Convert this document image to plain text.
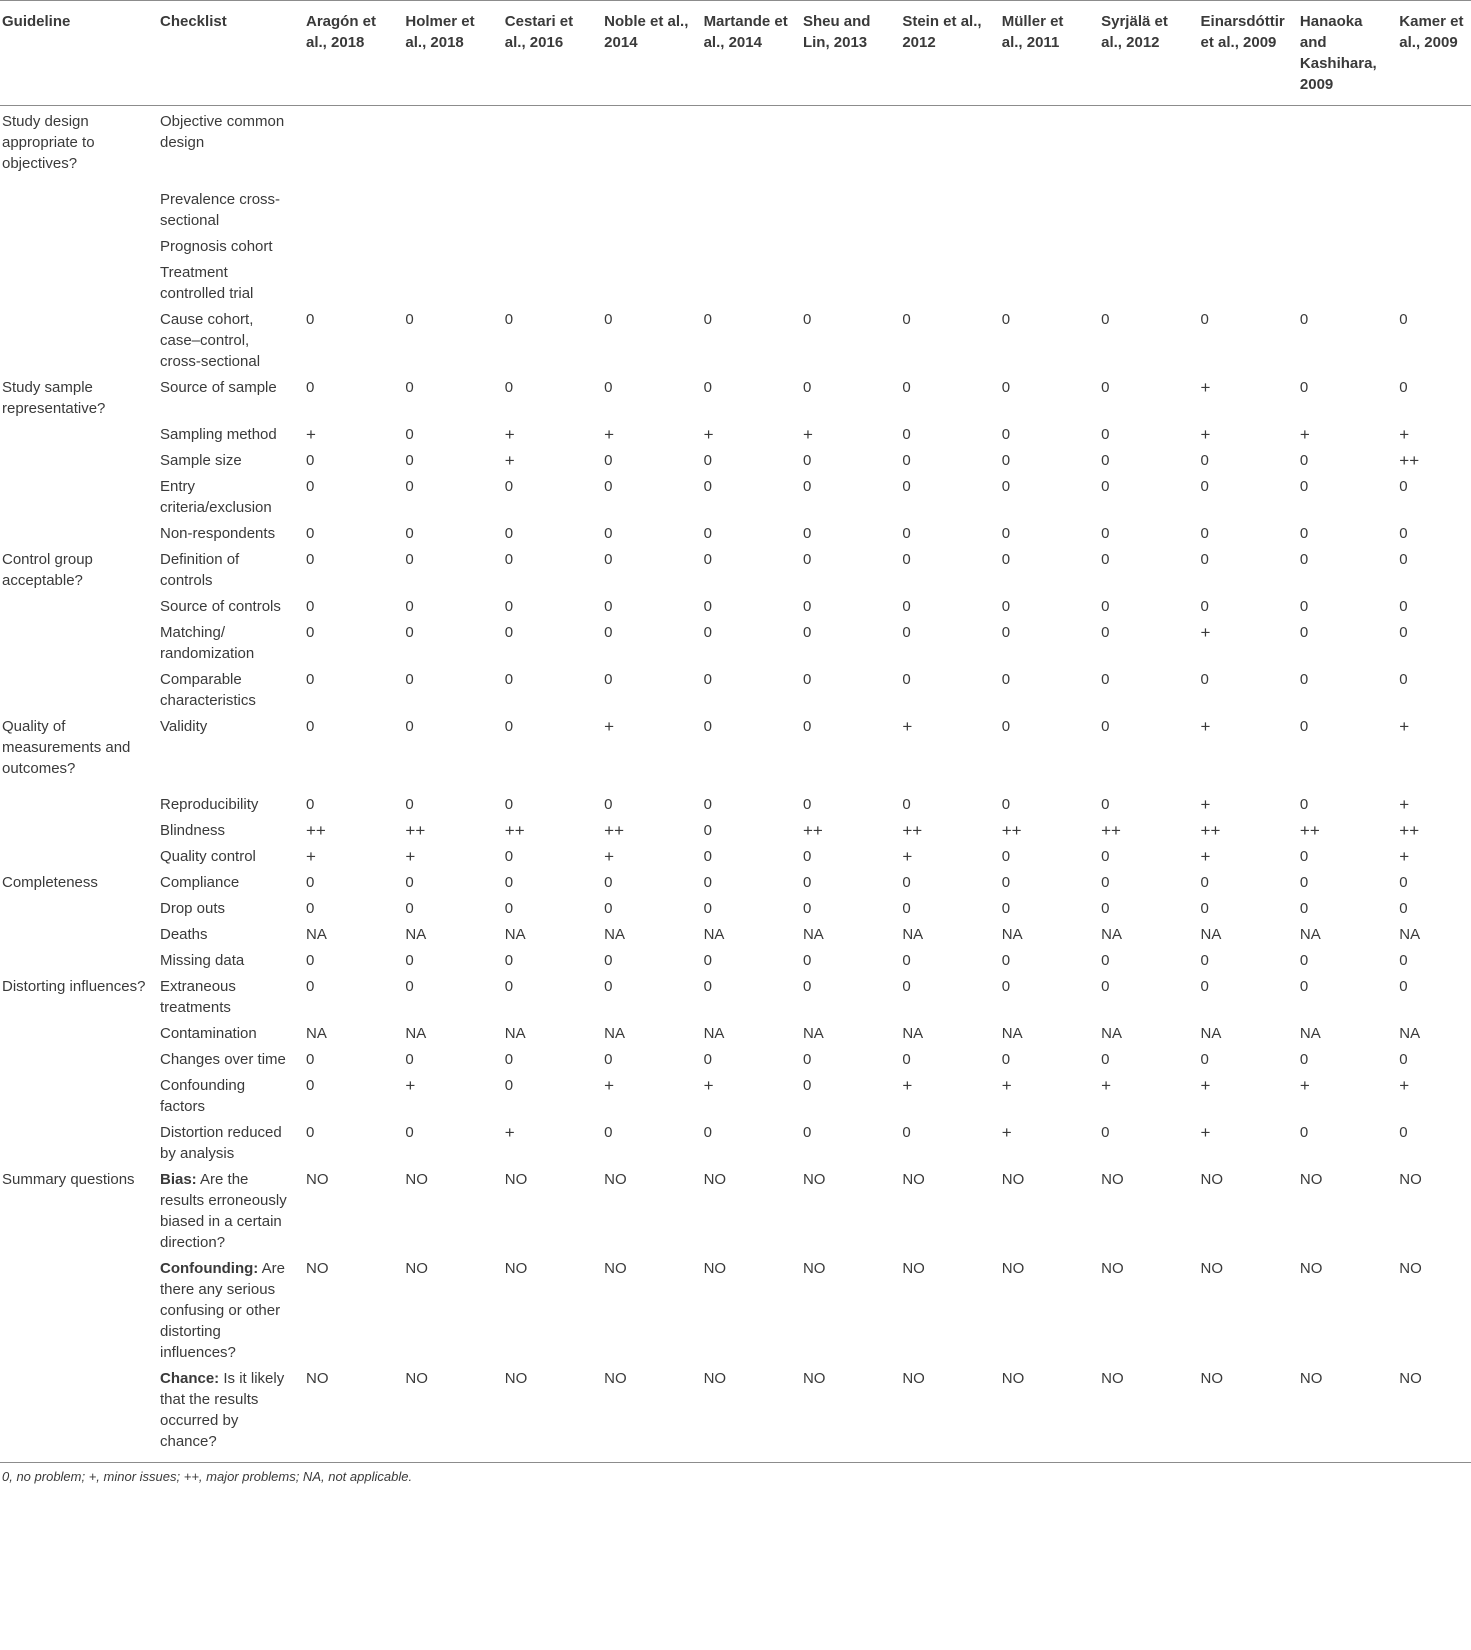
Guideline	Checklist	Aragón et al., 2018	Holmer et al., 2018	Cestari et al., 2016	Noble et al., 2014	Martande et al., 2014	Sheu and Lin, 2013	Stein et al., 2012	Müller et al., 2011	Syrjälä et al., 2012	Einarsdóttir et al., 2009	Hanaoka and Kashihara, 2009	Kamer et al., 2009
Study design appropriate to objectives?	Objective common design												
	Prevalence cross-sectional												
	Prognosis cohort												
	Treatment controlled trial												
	Cause cohort, case–control, cross-sectional	0	0	0	0	0	0	0	0	0	0	0	0
Study sample representative?	Source of sample	0	0	0	0	0	0	0	0	0	+	0	0
	Sampling method	+	0	+	+	+	+	0	0	0	+	+	+
	Sample size	0	0	+	0	0	0	0	0	0	0	0	++
	Entry criteria/exclusion	0	0	0	0	0	0	0	0	0	0	0	0
	Non-respondents	0	0	0	0	0	0	0	0	0	0	0	0
Control group acceptable?	Definition of controls	0	0	0	0	0	0	0	0	0	0	0	0
	Source of controls	0	0	0	0	0	0	0	0	0	0	0	0
	Matching/ randomization	0	0	0	0	0	0	0	0	0	+	0	0
	Comparable characteristics	0	0	0	0	0	0	0	0	0	0	0	0
Quality of measurements and outcomes?	Validity	0	0	0	+	0	0	+	0	0	+	0	+
	Reproducibility	0	0	0	0	0	0	0	0	0	+	0	+
	Blindness	++	++	++	++	0	++	++	++	++	++	++	++
	Quality control	+	+	0	+	0	0	+	0	0	+	0	+
Completeness	Compliance	0	0	0	0	0	0	0	0	0	0	0	0
	Drop outs	0	0	0	0	0	0	0	0	0	0	0	0
	Deaths	NA	NA	NA	NA	NA	NA	NA	NA	NA	NA	NA	NA
	Missing data	0	0	0	0	0	0	0	0	0	0	0	0
Distorting influences?	Extraneous treatments	0	0	0	0	0	0	0	0	0	0	0	0
	Contamination	NA	NA	NA	NA	NA	NA	NA	NA	NA	NA	NA	NA
	Changes over time	0	0	0	0	0	0	0	0	0	0	0	0
	Confounding factors	0	+	0	+	+	0	+	+	+	+	+	+
	Distortion reduced by analysis	0	0	+	0	0	0	0	+	0	+	0	0
Summary questions	Bias: Are the results erroneously biased in a certain direction?	NO	NO	NO	NO	NO	NO	NO	NO	NO	NO	NO	NO
	Confounding: Are there any serious confusing or other distorting influences?	NO	NO	NO	NO	NO	NO	NO	NO	NO	NO	NO	NO
	Chance: Is it likely that the results occurred by chance?	NO	NO	NO	NO	NO	NO	NO	NO	NO	NO	NO	NO
0, no problem; +, minor issues; ++, major problems; NA, not applicable.
